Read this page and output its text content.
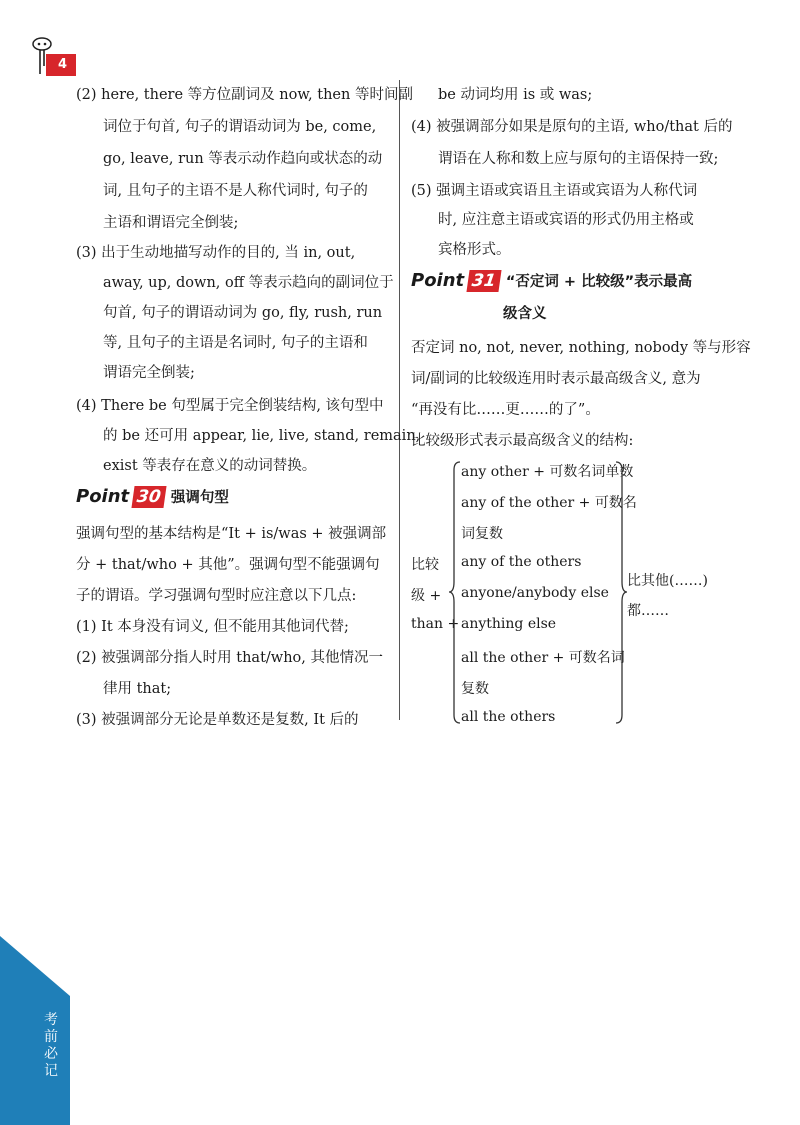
4
考前必记
(2) here, there 等方位副词及 now, then 等时间副
词位于句首, 句子的谓语动词为 be, come,
go, leave, run 等表示动作趋向或状态的动
词, 且句子的主语不是人称代词时, 句子的
主语和谓语完全倒装;
(3) 出于生动地描写动作的目的, 当 in, out,
away, up, down, off 等表示趋向的副词位于
句首, 句子的谓语动词为 go, fly, rush, run
等, 且句子的主语是名词时, 句子的主语和
谓语完全倒装;
(4) There be 句型属于完全倒装结构, 该句型中
的 be 还可用 appear, lie, live, stand, remain,
exist 等表存在意义的动词替换。
Point 30 强调句型
强调句型的基本结构是“It + is/was + 被强调部
分 + that/who + 其他”。强调句型不能强调句
子的谓语。学习强调句型时应注意以下几点:
(1) It 本身没有词义, 但不能用其他词代替;
(2) 被强调部分指人时用 that/who, 其他情况一
律用 that;
(3) 被强调部分无论是单数还是复数, It 后的
be 动词均用 is 或 was;
(4) 被强调部分如果是原句的主语, who/that 后的
谓语在人称和数上应与原句的主语保持一致;
(5) 强调主语或宾语且主语或宾语为人称代词
时, 应注意主语或宾语的形式仍用主格或
宾格形式。
Point 31 “否定词 + 比较级”表示最高
级含义
否定词 no, not, never, nothing, nobody 等与形容
词/副词的比较级连用时表示最高级含义, 意为
“再没有比……更……的了”。
比较级形式表示最高级含义的结构:
比较
级 +
than +
any other + 可数名词单数
any of the other + 可数名
词复数
any of the others
anyone/anybody else
anything else
all the other + 可数名词
复数
all the others
比其他(……)
都……
